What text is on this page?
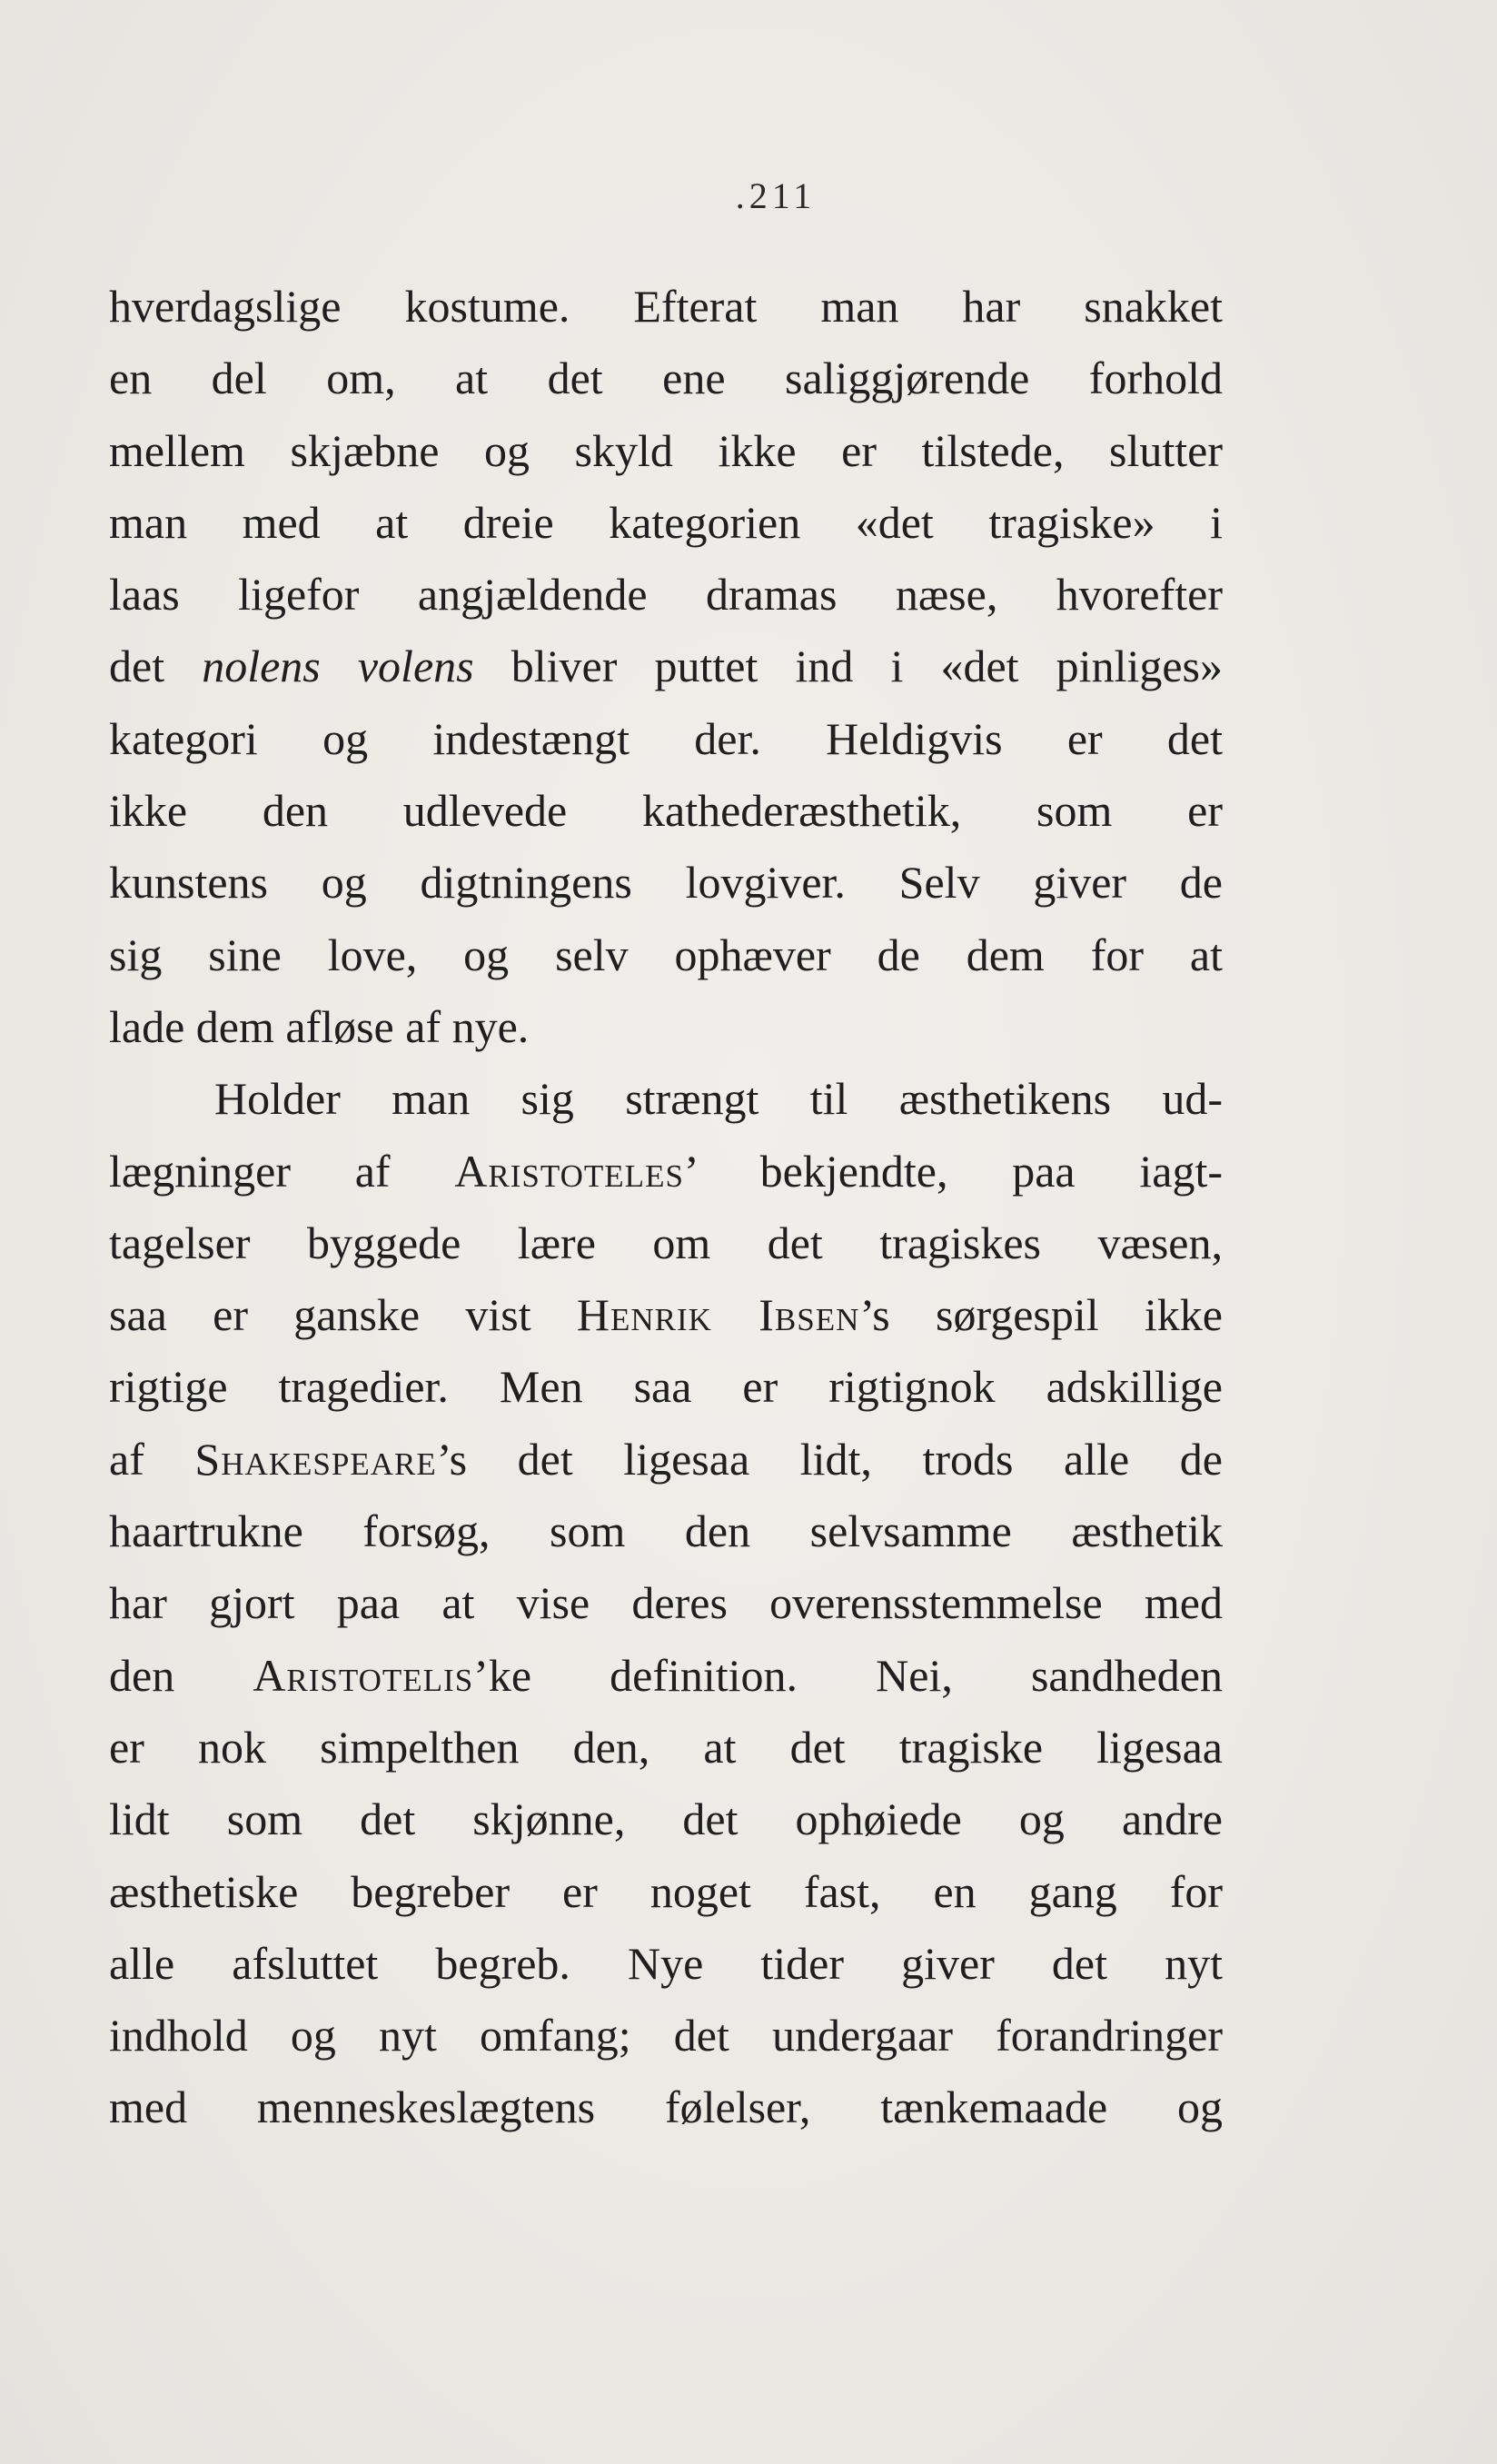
.211
hverdagslige kostume. Efterat man har snakket
en del om, at det ene saliggjørende forhold
mellem skjæbne og skyld ikke er tilstede, slutter
man med at dreie kategorien «det tragiske» i
laas ligefor angjældende dramas næse, hvorefter
det nolens volens bliver puttet ind i «det pinliges»
kategori og indestængt der. Heldigvis er det
ikke den udlevede kathederæsthetik, som er
kunstens og digtningens lovgiver. Selv giver de
sig sine love, og selv ophæver de dem for at
lade dem afløse af nye.
Holder man sig strængt til æsthetikens ud-
lægninger af Aristoteles’ bekjendte, paa iagt-
tagelser byggede lære om det tragiskes væsen,
saa er ganske vist Henrik Ibsen’s sørgespil ikke
rigtige tragedier. Men saa er rigtignok adskillige
af Shakespeare’s det ligesaa lidt, trods alle de
haartrukne forsøg, som den selvsamme æsthetik
har gjort paa at vise deres overensstemmelse med
den Aristotelis’ke definition. Nei, sandheden
er nok simpelthen den, at det tragiske ligesaa
lidt som det skjønne, det ophøiede og andre
æsthetiske begreber er noget fast, en gang for
alle afsluttet begreb. Nye tider giver det nyt
indhold og nyt omfang; det undergaar forandringer
med menneskeslægtens følelser, tænkemaade og
